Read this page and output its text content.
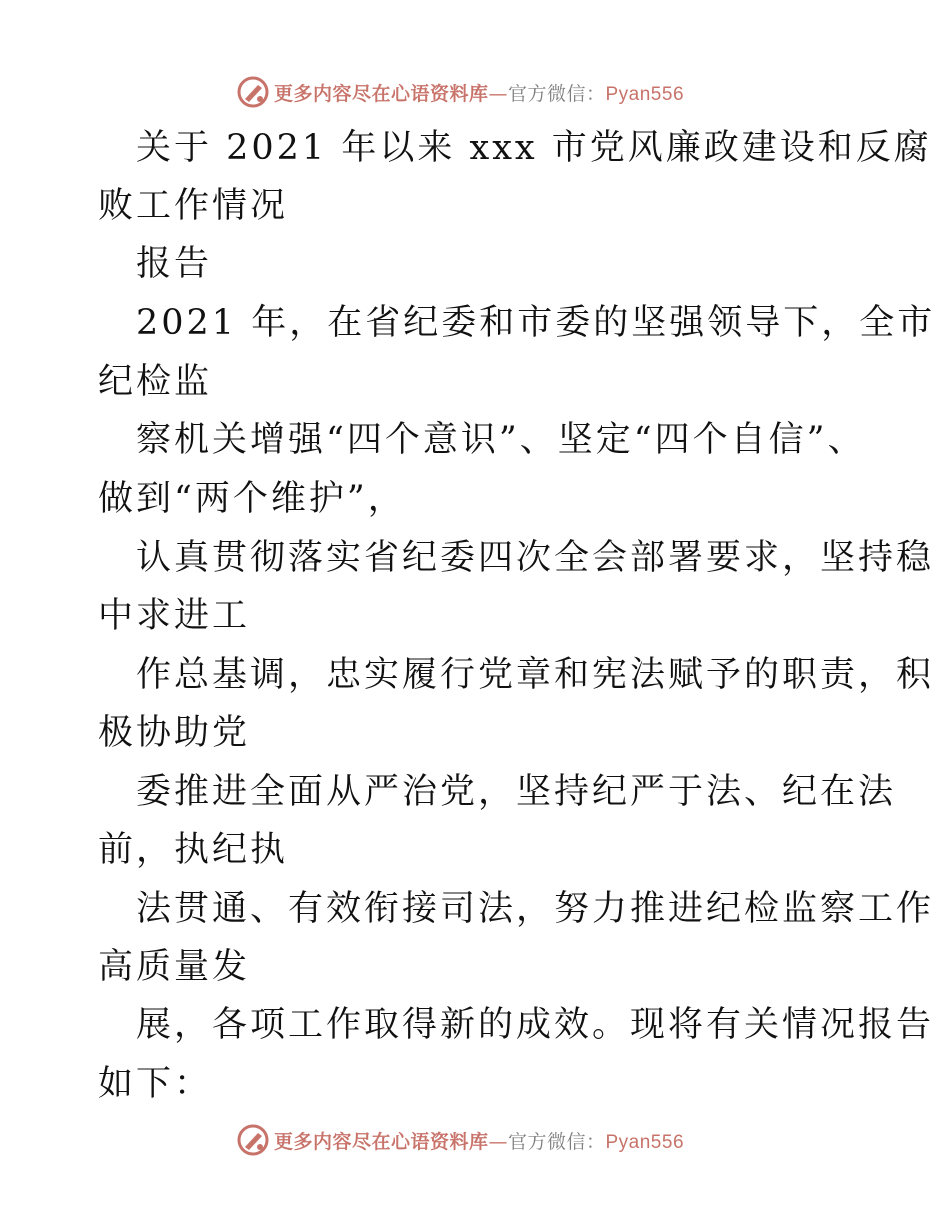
更多内容尽在心语资料库—官方微信：Pyan556
关于 2021 年以来 xxx 市党风廉政建设和反腐
败工作情况
报告
2021 年，在省纪委和市委的坚强领导下，全市
纪检监
察机关增强“四个意识”、坚定“四个自信”、
做到“两个维护”，
认真贯彻落实省纪委四次全会部署要求，坚持稳
中求进工
作总基调，忠实履行党章和宪法赋予的职责，积
极协助党
委推进全面从严治党，坚持纪严于法、纪在法
前，执纪执
法贯通、有效衔接司法，努力推进纪检监察工作
高质量发
展，各项工作取得新的成效。现将有关情况报告
如下：
更多内容尽在心语资料库—官方微信：Pyan556
